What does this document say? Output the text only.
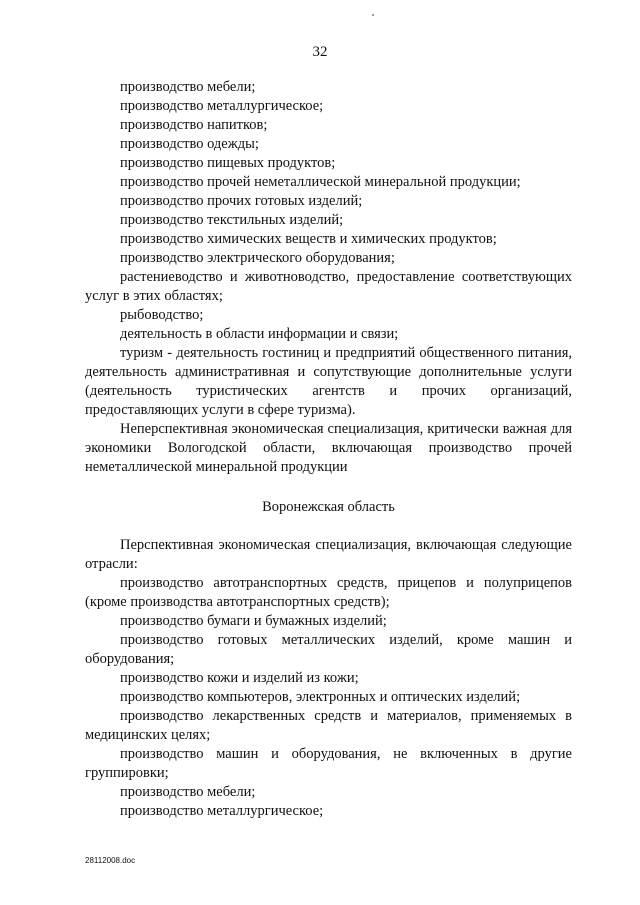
32

производство мебели;

производство металлургическое;

производство напитков;

производство одежды;

производство пищевых продуктов;

производство прочей неметаллической минеральной продукции;

производство прочих готовых изделий;

производство текстильных изделий;

производство химических веществ и химических продуктов;

производство электрического оборудования;

растениеводство и животноводство, предоставление соответствующих услуг в этих областях;

рыбоводство;

деятельность в области информации и связи;

туризм - деятельность гостиниц и предприятий общественного питания, деятельность административная и сопутствующие дополнительные услуги (деятельность туристических агентств и прочих организаций, предоставляющих услуги в сфере туризма).

Неперспективная экономическая специализация, критически важная для экономики Вологодской области, включающая производство прочей неметаллической минеральной продукции

Воронежская область

Перспективная экономическая специализация, включающая следующие отрасли:

производство автотранспортных средств, прицепов и полуприцепов (кроме производства автотранспортных средств);

производство бумаги и бумажных изделий;

производство готовых металлических изделий, кроме машин и оборудования;

производство кожи и изделий из кожи;

производство компьютеров, электронных и оптических изделий;

производство лекарственных средств и материалов, применяемых в медицинских целях;

производство машин и оборудования, не включенных в другие группировки;

производство мебели;

производство металлургическое;

28112008.doc
